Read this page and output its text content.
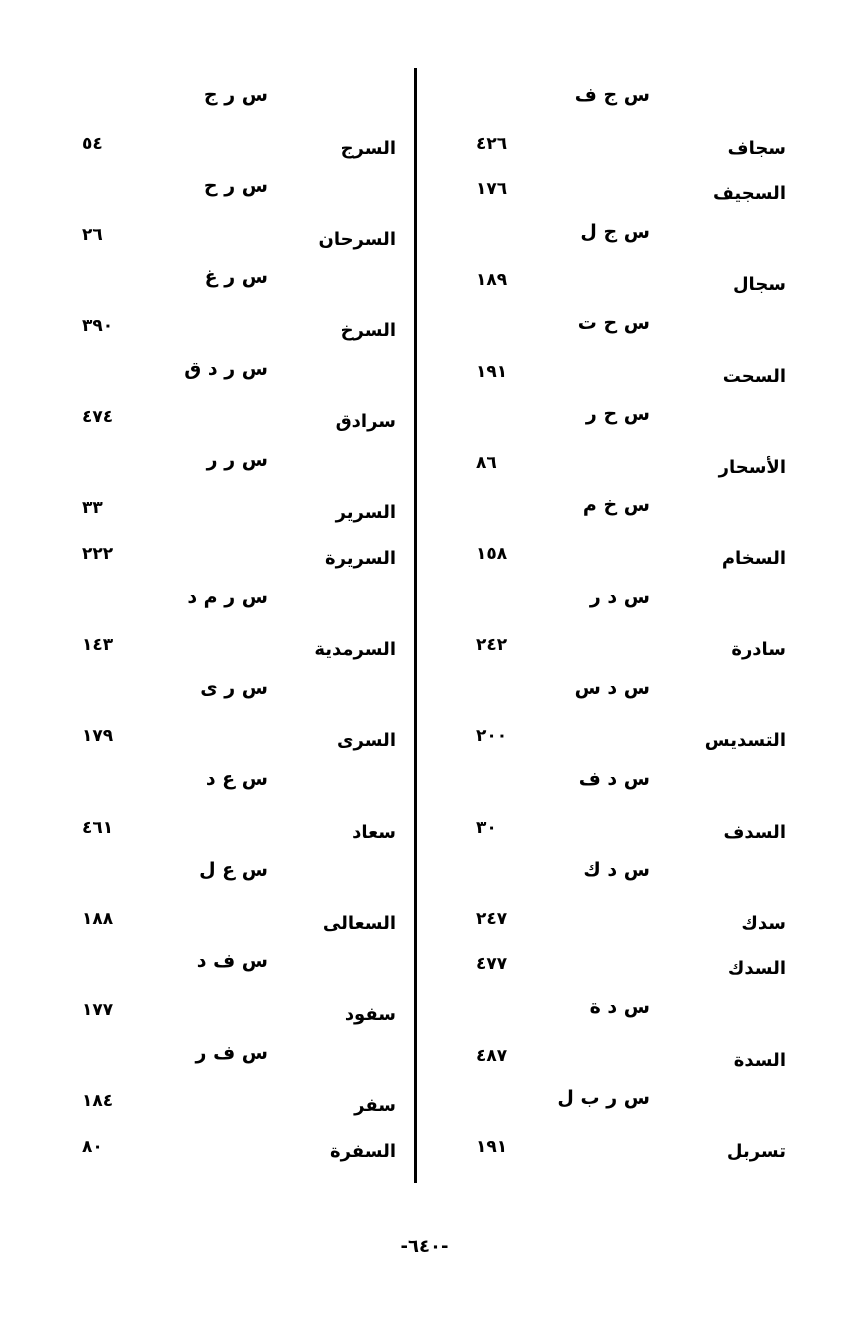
س ج ف
سجاف
٤٢٦
السجيف
١٧٦
س ج ل
سجال
١٨٩
س ح ت
السحت
١٩١
س ح ر
الأسحار
٨٦
س خ م
السخام
١٥٨
س د ر
سادرة
٢٤٢
س د س
التسديس
٢٠٠
س د ف
السدف
٣٠
س د ك
سدك
٢٤٧
السدك
٤٧٧
س د ة
السدة
٤٨٧
س ر ب ل
تسربل
١٩١
س ر ج
السرج
٥٤
س ر ح
السرحان
٢٦
س ر غ
السرخ
٣٩٠
س ر د ق
سرادق
٤٧٤
س ر ر
السرير
٣٣
السريرة
٢٢٢
س ر م د
السرمدية
١٤٣
س ر ى
السرى
١٧٩
س ع د
سعاد
٤٦١
س ع ل
السعالى
١٨٨
س ف د
سفود
١٧٧
س ف ر
سفر
١٨٤
السفرة
٨٠
-٦٤٠-
